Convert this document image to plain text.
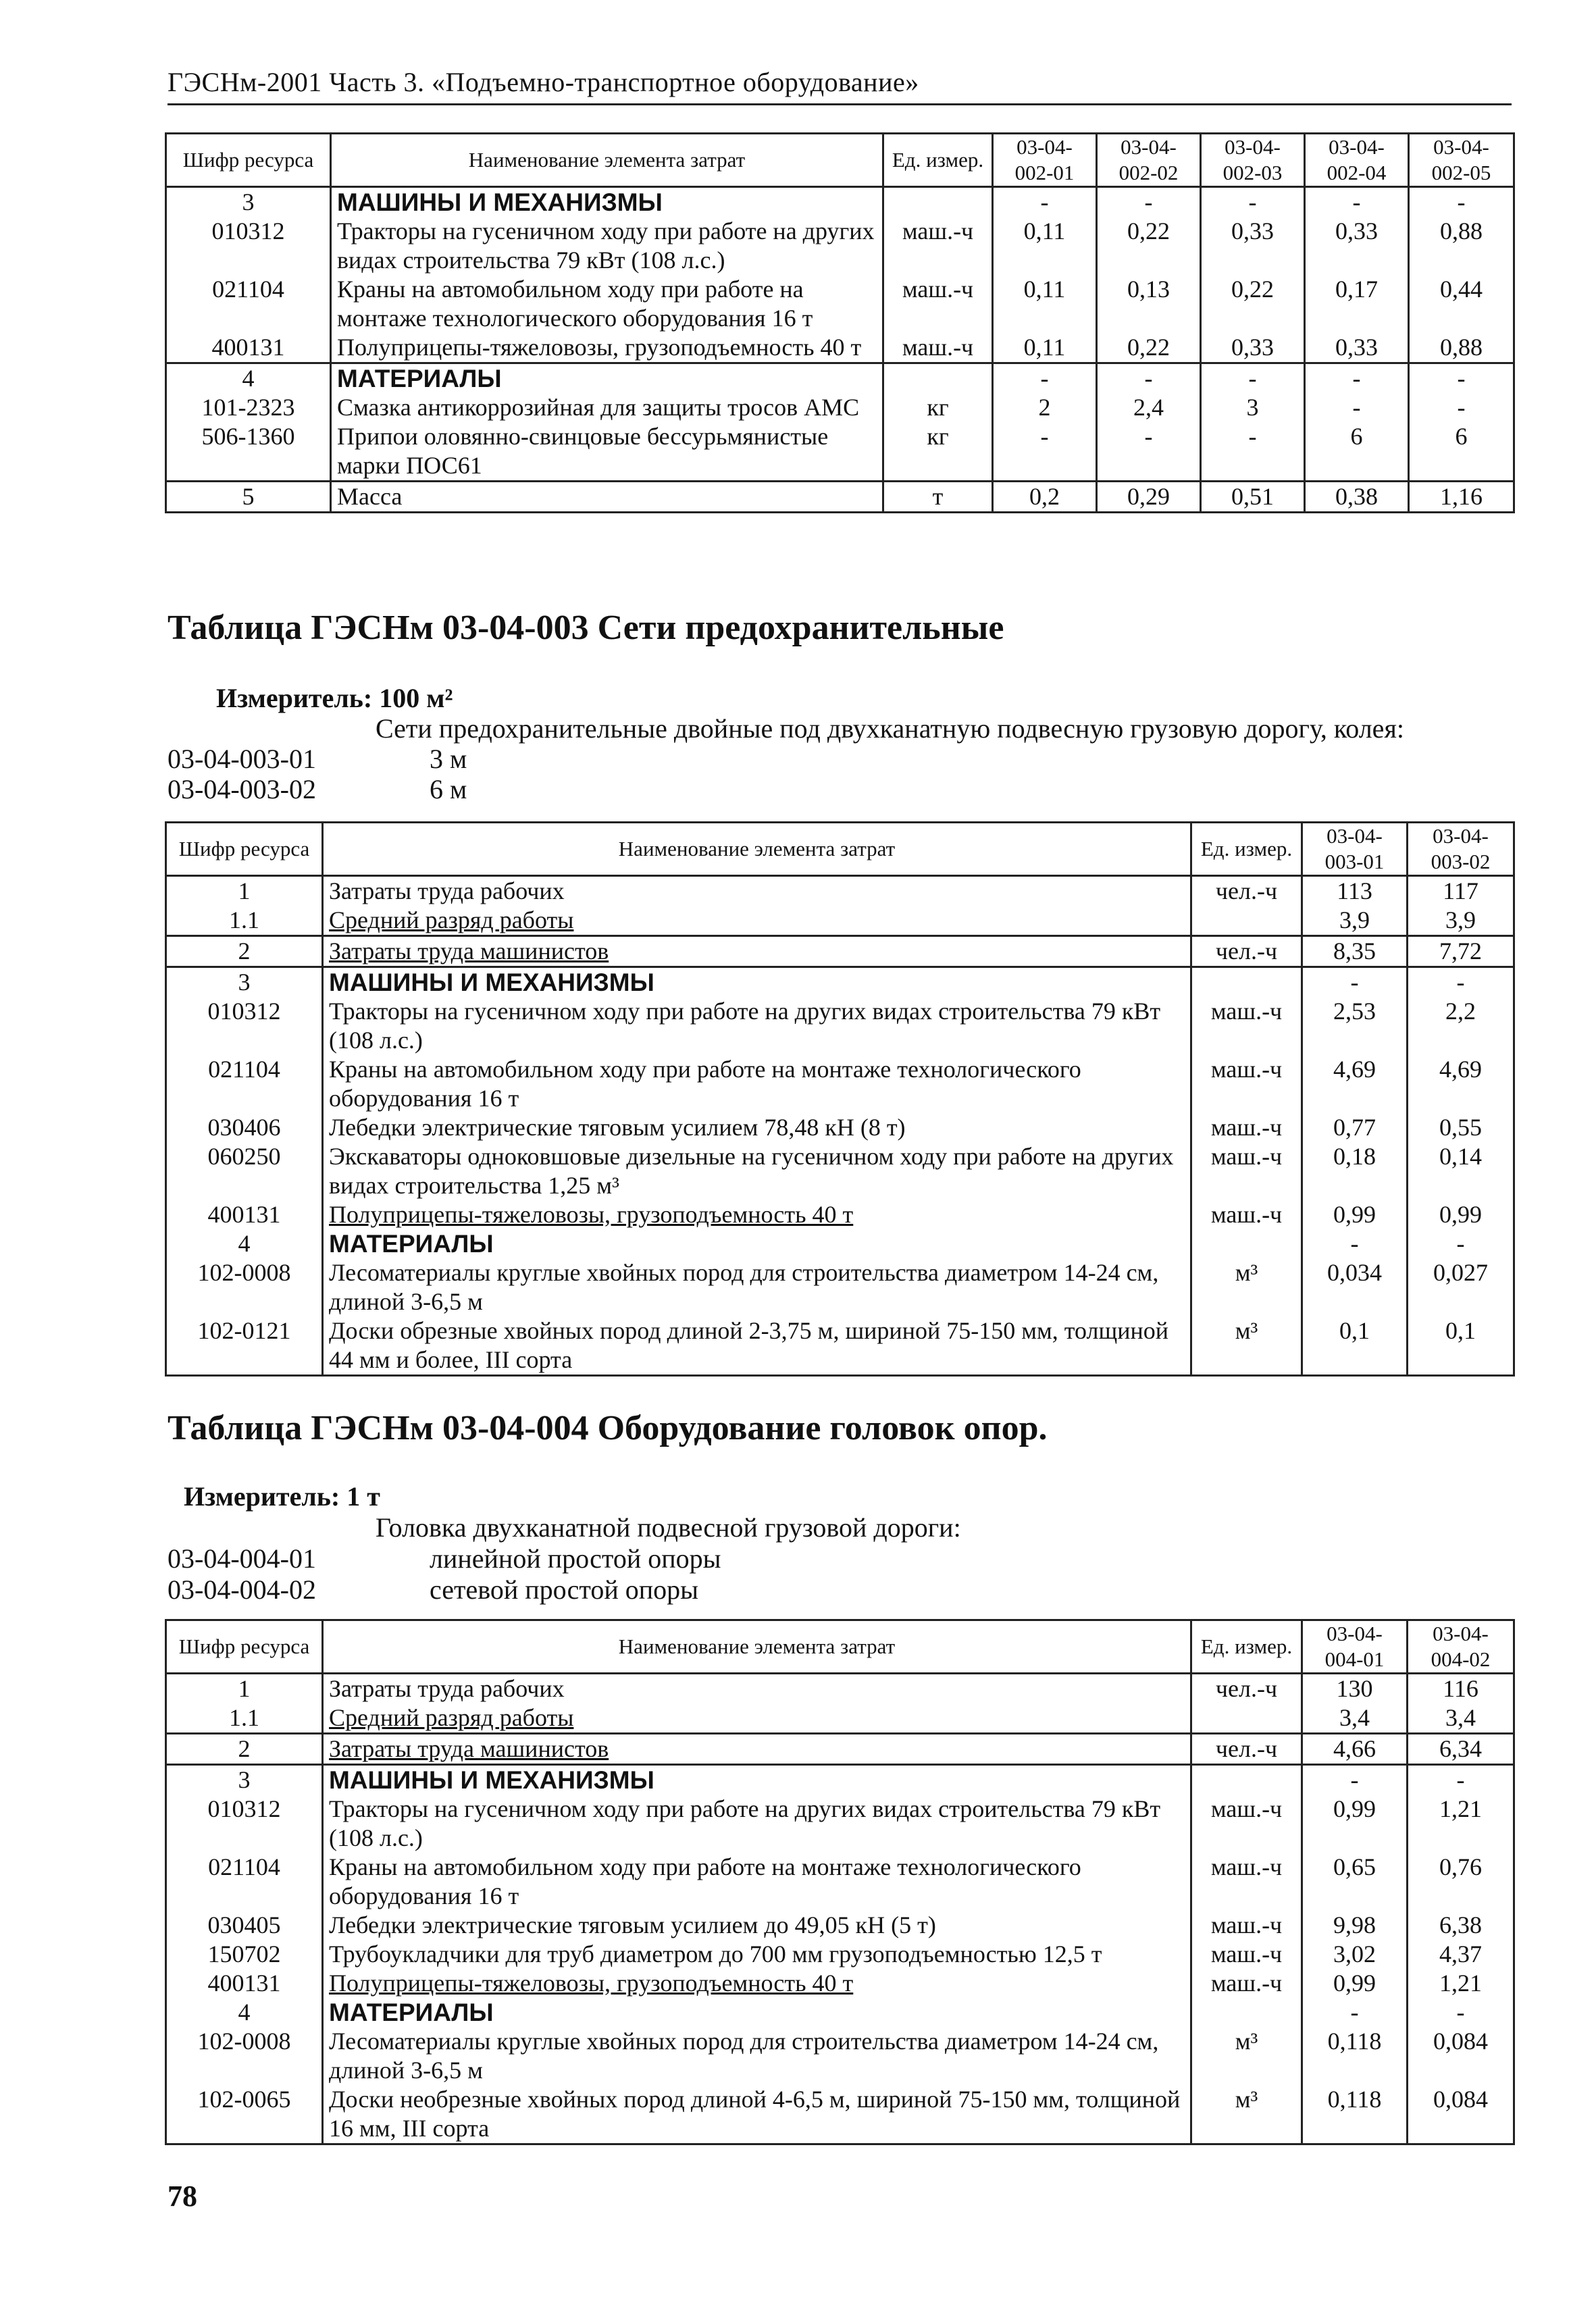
ГЭСНм-2001 Часть 3. «Подъемно-транспортное оборудование»
Шифр ресурса	Наименование элемента затрат	Ед. измер.	03-04-002-01	03-04-002-02	03-04-002-03	03-04-002-04	03-04-002-05
3	МАШИНЫ И МЕХАНИЗМЫ		-	-	-	-	-
010312	Тракторы на гусеничном ходу при работе на других видах строительства 79 кВт (108 л.с.)	маш.-ч	0,11	0,22	0,33	0,33	0,88
021104	Краны на автомобильном ходу при работе на монтаже технологического оборудования 16 т	маш.-ч	0,11	0,13	0,22	0,17	0,44
400131	Полуприцепы-тяжеловозы, грузоподъемность 40 т	маш.-ч	0,11	0,22	0,33	0,33	0,88
4	МАТЕРИАЛЫ		-	-	-	-	-
101-2323	Смазка антикоррозийная для защиты тросов АМС	кг	2	2,4	3	-	-
506-1360	Припои оловянно-свинцовые бессурьмянистые марки ПОС61	кг	-	-	-	6	6
5	Масса	т	0,2	0,29	0,51	0,38	1,16
Таблица ГЭСНм 03-04-003 Сети предохранительные
Измеритель: 100 м²
Сети предохранительные двойные под двухканатную подвесную грузовую дорогу, колея:
03-04-003-01	3 м
03-04-003-02	6 м
Шифр ресурса	Наименование элемента затрат	Ед. измер.	03-04-003-01	03-04-003-02
1	Затраты труда рабочих	чел.-ч	113	117
1.1	Средний разряд работы		3,9	3,9
2	Затраты труда машинистов	чел.-ч	8,35	7,72
3	МАШИНЫ И МЕХАНИЗМЫ		-	-
010312	Тракторы на гусеничном ходу при работе на других видах строительства 79 кВт (108 л.с.)	маш.-ч	2,53	2,2
021104	Краны на автомобильном ходу при работе на монтаже технологического оборудования 16 т	маш.-ч	4,69	4,69
030406	Лебедки электрические тяговым усилием 78,48 кН (8 т)	маш.-ч	0,77	0,55
060250	Экскаваторы одноковшовые дизельные на гусеничном ходу при работе на других видах строительства 1,25 м³	маш.-ч	0,18	0,14
400131	Полуприцепы-тяжеловозы, грузоподъемность 40 т	маш.-ч	0,99	0,99
4	МАТЕРИАЛЫ		-	-
102-0008	Лесоматериалы круглые хвойных пород для строительства диаметром 14-24 см, длиной 3-6,5 м	м³	0,034	0,027
102-0121	Доски обрезные хвойных пород длиной 2-3,75 м, шириной 75-150 мм, толщиной 44 мм и более, III сорта	м³	0,1	0,1
Таблица ГЭСНм 03-04-004 Оборудование головок опор.
Измеритель: 1 т
Головка двухканатной подвесной грузовой дороги:
03-04-004-01	линейной простой опоры
03-04-004-02	сетевой простой опоры
Шифр ресурса	Наименование элемента затрат	Ед. измер.	03-04-004-01	03-04-004-02
1	Затраты труда рабочих	чел.-ч	130	116
1.1	Средний разряд работы		3,4	3,4
2	Затраты труда машинистов	чел.-ч	4,66	6,34
3	МАШИНЫ И МЕХАНИЗМЫ		-	-
010312	Тракторы на гусеничном ходу при работе на других видах строительства 79 кВт (108 л.с.)	маш.-ч	0,99	1,21
021104	Краны на автомобильном ходу при работе на монтаже технологического оборудования 16 т	маш.-ч	0,65	0,76
030405	Лебедки электрические тяговым усилием до 49,05 кН (5 т)	маш.-ч	9,98	6,38
150702	Трубоукладчики для труб диаметром до 700 мм грузоподъемностью 12,5 т	маш.-ч	3,02	4,37
400131	Полуприцепы-тяжеловозы, грузоподъемность 40 т	маш.-ч	0,99	1,21
4	МАТЕРИАЛЫ		-	-
102-0008	Лесоматериалы круглые хвойных пород для строительства диаметром 14-24 см, длиной 3-6,5 м	м³	0,118	0,084
102-0065	Доски необрезные хвойных пород длиной 4-6,5 м, шириной 75-150 мм, толщиной 16 мм, III сорта	м³	0,118	0,084
78
